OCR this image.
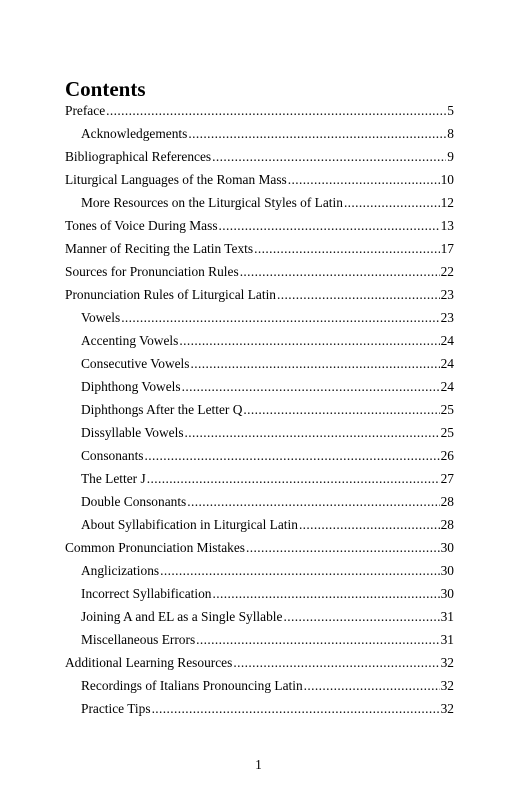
Contents
Preface .....	5
Acknowledgements .....	8
Bibliographical References .....	9
Liturgical Languages of the Roman Mass .....	10
More Resources on the Liturgical Styles of Latin .....	12
Tones of Voice During Mass .....	13
Manner of Reciting the Latin Texts .....	17
Sources for Pronunciation Rules .....	22
Pronunciation Rules of Liturgical Latin .....	23
Vowels .....	23
Accenting Vowels .....	24
Consecutive Vowels .....	24
Diphthong Vowels .....	24
Diphthongs After the Letter Q .....	25
Dissyllable Vowels .....	25
Consonants .....	26
The Letter J .....	27
Double Consonants .....	28
About Syllabification in Liturgical Latin .....	28
Common Pronunciation Mistakes .....	30
Anglicizations .....	30
Incorrect Syllabification .....	30
Joining A and EL as a Single Syllable .....	31
Miscellaneous Errors .....	31
Additional Learning Resources .....	32
Recordings of Italians Pronouncing Latin .....	32
Practice Tips .....	32
1
